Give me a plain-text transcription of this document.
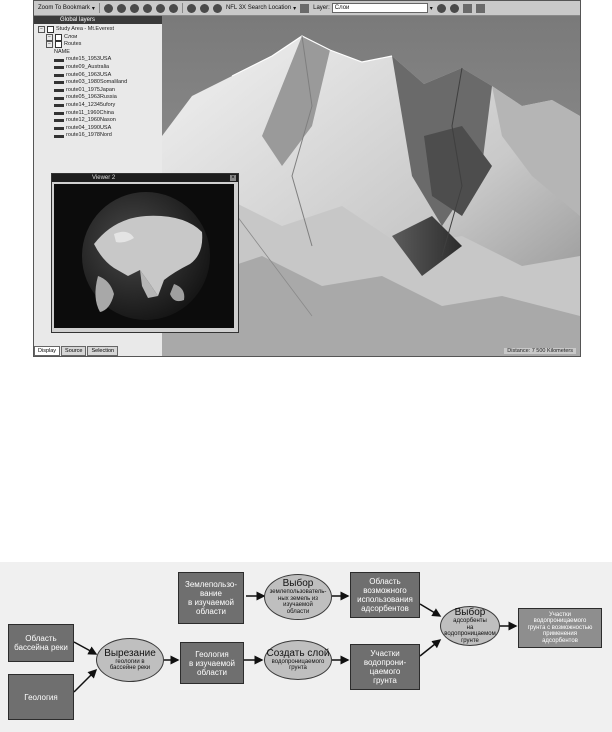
Zoom To Bookmark ▾	NFL 3X Search Location ▾	Layer: Слои	▾
Global layers
−	Study Area - Mt.Everest
−	Слои
−	Routes
NAME
route15_1953USA
route09_Australia
route06_1963USA
route03_1980Somaliland
route01_1975Japan
route05_1963Russia
route14_12345ufory
route11_1960China
route12_1960Nason
route04_1990USA
route16_1978Nord
Display	Source	Selection	Distance: 7 500 Kilometers
Viewer 2	×
Землепользо-
вание
в изучаемой
области
Выбор
землепользователь-
ных земель из
изучаемой
области
Область
возможного
использования
адсорбентов
Область
бассейна реки	Вырезание
геологии в
бассейне реки
Геология
в изучаемой
области
Создать слой
водопроницаемого
грунта
Участки
водопрони-
цаемого
грунта
Выбор
адсорбенты
на водопроницаемом
грунте
Участки
водопроницаемого
грунта с возможностью
применения
адсорбентов
Геология
